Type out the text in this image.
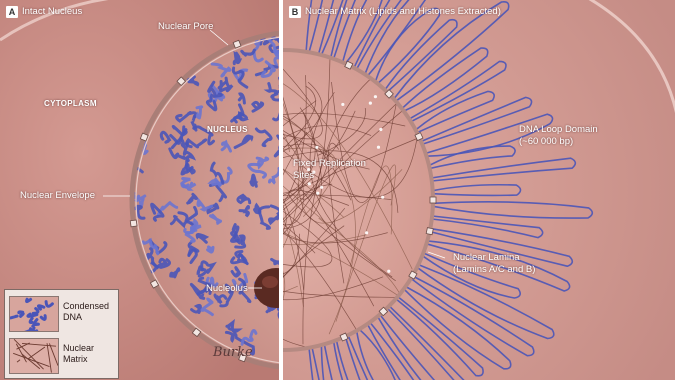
A Intact Nucleus
Nuclear Pore
CYTOPLASM
NUCLEUS
Nuclear Envelope
Nucleolus
Burke
B Nuclear Matrix (Lipids and Histones Extracted)
Fixed Replication
Sites
DNA Loop Domain
(~60 000 bp)
Nuclear Lamina
(Lamins A/C and B)
Condensed
DNA
Nuclear
Matrix
